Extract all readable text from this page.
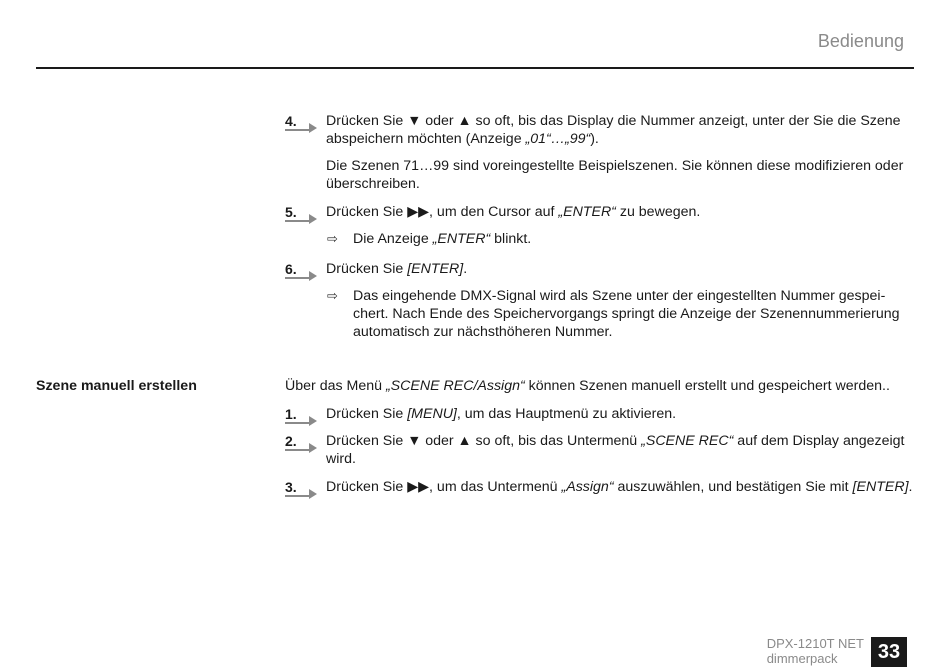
Bedienung
4. Drücken Sie ▼ oder ▲ so oft, bis das Display die Nummer anzeigt, unter der Sie die Szene abspeichern möchten (Anzeige „01“…„99“).
Die Szenen 71…99 sind voreingestellte Beispielszenen. Sie können diese modifizieren oder überschreiben.
5. Drücken Sie ▶▶, um den Cursor auf „ENTER“ zu bewegen.
⇨ Die Anzeige „ENTER“ blinkt.
6. Drücken Sie [ENTER].
⇨ Das eingehende DMX-Signal wird als Szene unter der eingestellten Nummer gespeichert. Nach Ende des Speichervorgangs springt die Anzeige der Szenennummerierung automatisch zur nächsthöheren Nummer.
Szene manuell erstellen	Über das Menü „SCENE REC/Assign“ können Szenen manuell erstellt und gespeichert werden..
1. Drücken Sie [MENU], um das Hauptmenü zu aktivieren.
2. Drücken Sie ▼ oder ▲ so oft, bis das Untermenü „SCENE REC“ auf dem Display angezeigt wird.
3. Drücken Sie ▶▶, um das Untermenü „Assign“ auszuwählen, und bestätigen Sie mit [ENTER].
DPX-1210T NET
dimmerpack	33
